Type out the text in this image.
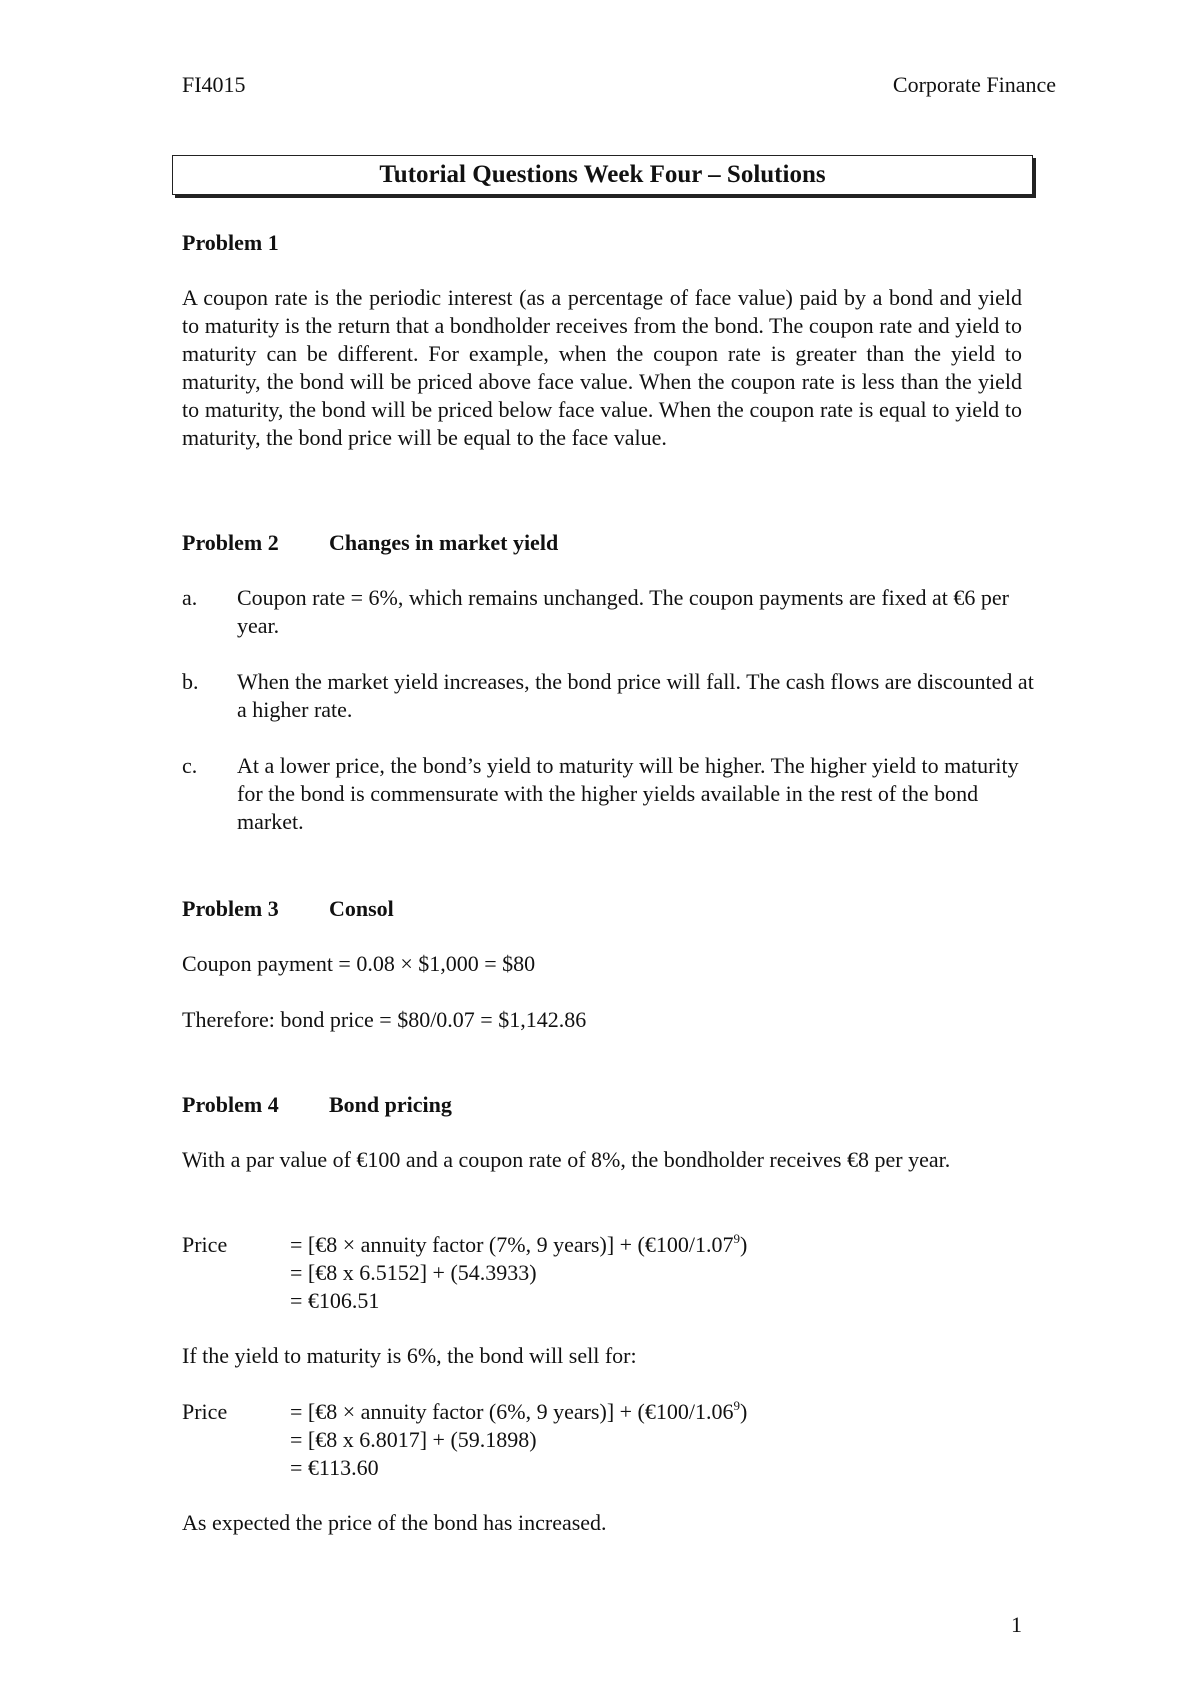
FI4015	Corporate Finance
Tutorial Questions Week Four – Solutions
Problem 1

A coupon rate is the periodic interest (as a percentage of face value) paid by a bond and yield to maturity is the return that a bondholder receives from the bond. The coupon rate and yield to maturity can be different. For example, when the coupon rate is greater than the yield to maturity, the bond will be priced above face value. When the coupon rate is less than the yield to maturity, the bond will be priced below face value. When the coupon rate is equal to yield to maturity, the bond price will be equal to the face value.

Problem 2 Changes in market yield
a. Coupon rate = 6%, which remains unchanged. The coupon payments are fixed at €6 per year.
b. When the market yield increases, the bond price will fall. The cash flows are discounted at a higher rate.
c. At a lower price, the bond’s yield to maturity will be higher. The higher yield to maturity for the bond is commensurate with the higher yields available in the rest of the bond market.
Problem 3 Consol
Coupon payment = 0.08 × $1,000 = $80
Therefore: bond price = $80/0.07 = $1,142.86
Problem 4 Bond pricing

With a par value of €100 and a coupon rate of 8%, the bondholder receives €8 per year.

Price	= [€8 × annuity factor (7%, 9 years)] + $(€100/1.07^9)$
= [€8 x 6.5152] + (54.3933)
= €106.51
If the yield to maturity is 6%, the bond will sell for:
Price	= [€8 × annuity factor (6%, 9 years)] + $(€100/1.06^9)$
= [€8 x 6.8017] + (59.1898)
= €113.60
As expected the price of the bond has increased.
1
